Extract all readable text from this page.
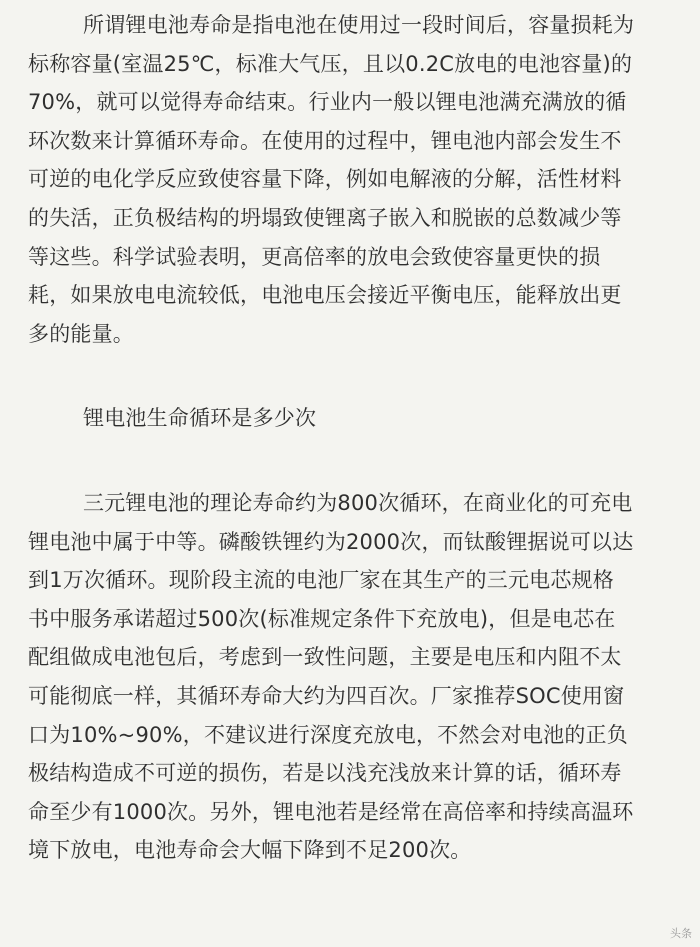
所谓锂电池寿命是指电池在使用过一段时间后，容量损耗为
标称容量(室温25℃，标准大气压，且以0.2C放电的电池容量)的
70%，就可以觉得寿命结束。行业内一般以锂电池满充满放的循
环次数来计算循环寿命。在使用的过程中，锂电池内部会发生不
可逆的电化学反应致使容量下降，例如电解液的分解，活性材料
的失活，正负极结构的坍塌致使锂离子嵌入和脱嵌的总数减少等
等这些。科学试验表明，更高倍率的放电会致使容量更快的损
耗，如果放电电流较低，电池电压会接近平衡电压，能释放出更
多的能量。
锂电池生命循环是多少次
三元锂电池的理论寿命约为800次循环，在商业化的可充电
锂电池中属于中等。磷酸铁锂约为2000次，而钛酸锂据说可以达
到1万次循环。现阶段主流的电池厂家在其生产的三元电芯规格
书中服务承诺超过500次(标准规定条件下充放电)，但是电芯在
配组做成电池包后，考虑到一致性问题，主要是电压和内阻不太
可能彻底一样，其循环寿命大约为四百次。厂家推荐SOC使用窗
口为10%~90%，不建议进行深度充放电，不然会对电池的正负
极结构造成不可逆的损伤，若是以浅充浅放来计算的话，循环寿
命至少有1000次。另外，锂电池若是经常在高倍率和持续高温环
境下放电，电池寿命会大幅下降到不足200次。
头条
